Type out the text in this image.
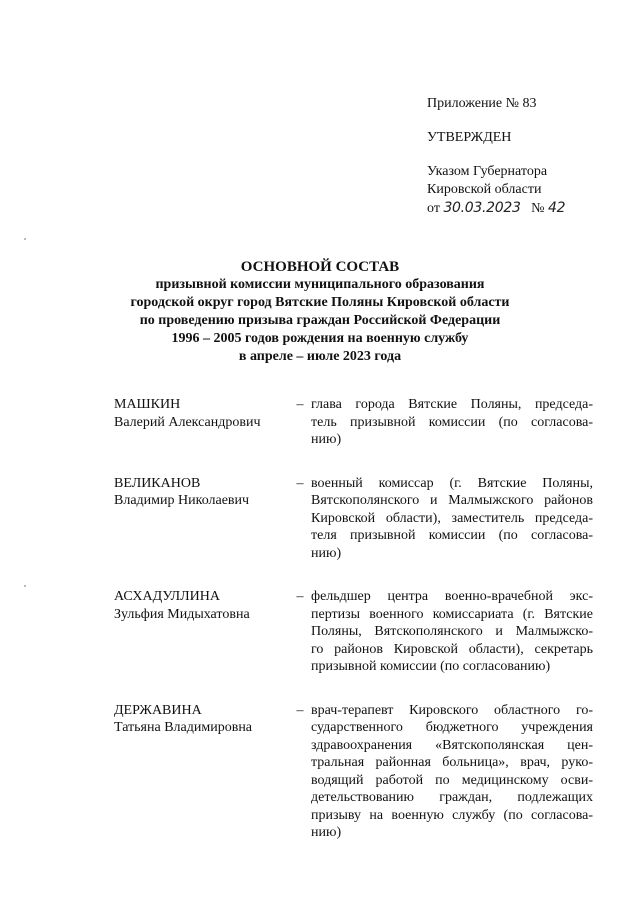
Приложение № 83
УТВЕРЖДЕН
Указом Губернатора
Кировской области
от 30.03.2023 № 42
ОСНОВНОЙ СОСТАВ
призывной комиссии муниципального образования
городской округ город Вятские Поляны Кировской области
по проведению призыва граждан Российской Федерации
1996 – 2005 годов рождения на военную службу
в апреле – июле 2023 года
МАШКИН
Валерий Александрович
– глава города Вятские Поляны, председа-
тель призывной комиссии (по согласова-
нию)
ВЕЛИКАНОВ
Владимир Николаевич
– военный комиссар (г. Вятские Поляны,
Вятскополянского и Малмыжского районов
Кировской области), заместитель председа-
теля призывной комиссии (по согласова-
нию)
АСХАДУЛЛИНА
Зульфия Мидыхатовна
– фельдшер центра военно-врачебной экс-
пертизы военного комиссариата (г. Вятские
Поляны, Вятскополянского и Малмыжско-
го районов Кировской области), секретарь
призывной комиссии (по согласованию)
ДЕРЖАВИНА
Татьяна Владимировна
– врач-терапевт Кировского областного го-
сударственного бюджетного учреждения
здравоохранения «Вятскополянская цен-
тральная районная больница», врач, руко-
водящий работой по медицинскому осви-
детельствованию граждан, подлежащих
призыву на военную службу (по согласова-
нию)
